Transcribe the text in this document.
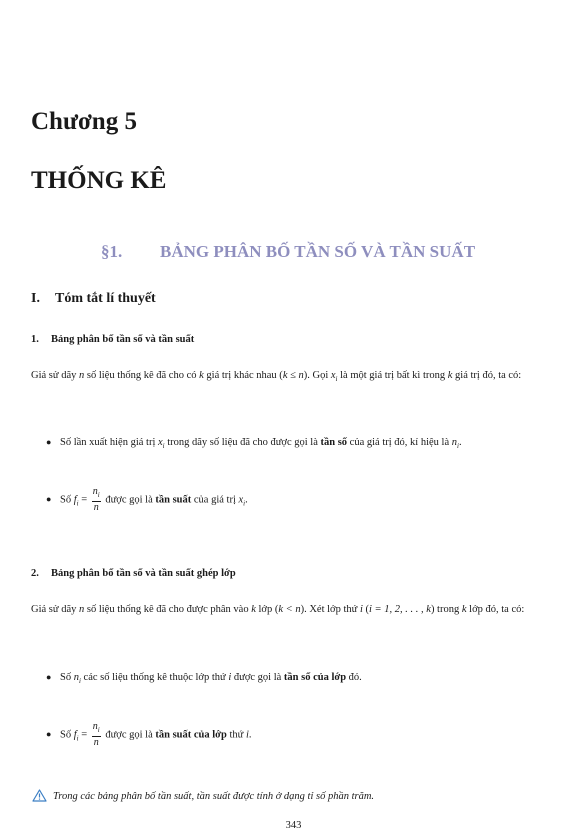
Chương 5
THỐNG KÊ
§1. BẢNG PHÂN BỐ TẦN SỐ VÀ TẦN SUẤT
I. Tóm tắt lí thuyết
1. Bảng phân bố tần số và tần suất
Giả sử dãy n số liệu thống kê đã cho có k giá trị khác nhau (k ≤ n). Gọi $x_i$ là một giá trị bất kì trong k giá trị đó, ta có:
● Số lần xuất hiện giá trị $x_i$ trong dãy số liệu đã cho được gọi là tần số của giá trị đó, kí hiệu là $n_i$.
● Số $f_i = \frac{n_i}{n}$ được gọi là tần suất của giá trị $x_i$.
2. Bảng phân bố tần số và tần suất ghép lớp
Giả sử dãy n số liệu thống kê đã cho được phân vào k lớp (k < n). Xét lớp thứ i (i = 1, 2, . . . , k) trong k lớp đó, ta có:
● Số $n_i$ các số liệu thống kê thuộc lớp thứ i được gọi là tần số của lớp đó.
● Số $f_i = \frac{n_i}{n}$ được gọi là tần suất của lớp thứ i.
Trong các bảng phân bố tần suất, tần suất được tính ở dạng tỉ số phần trăm.
343
